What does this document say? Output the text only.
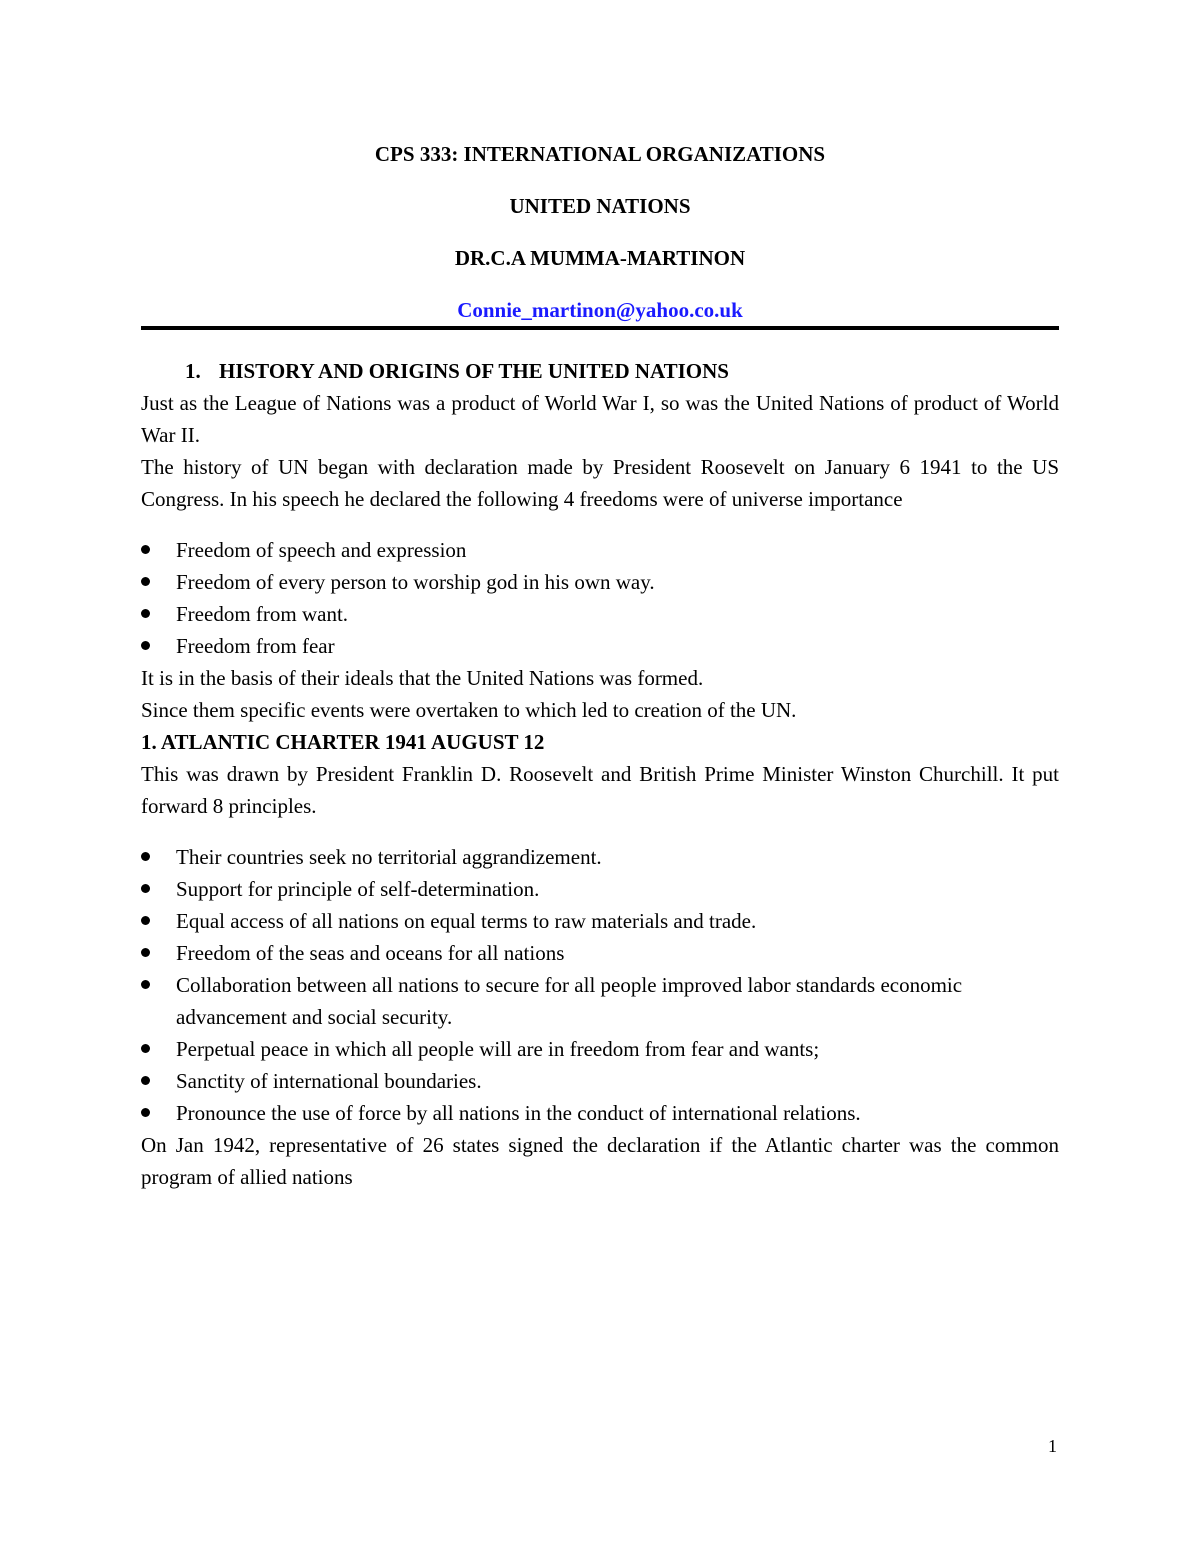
CPS 333: INTERNATIONAL ORGANIZATIONS

UNITED NATIONS

DR.C.A MUMMA-MARTINON

Connie_martinon@yahoo.co.uk

1. HISTORY AND ORIGINS OF THE UNITED NATIONS

Just as the League of Nations was a product of World War I, so was the United Nations of product of World War II.

The history of UN began with declaration made by President Roosevelt on January 6 1941 to the US Congress. In his speech he declared the following 4 freedoms were of universe importance

Freedom of speech and expression
Freedom of every person to worship god in his own way.
Freedom from want.
Freedom from fear

It is in the basis of their ideals that the United Nations was formed.

Since them specific events were overtaken to which led to creation of the UN.

1. ATLANTIC CHARTER 1941 AUGUST 12

This was drawn by President Franklin D. Roosevelt and British Prime Minister Winston Churchill. It put forward 8 principles.

Their countries seek no territorial aggrandizement.
Support for principle of self-determination.
Equal access of all nations on equal terms to raw materials and trade.
Freedom of the seas and oceans for all nations
Collaboration between all nations to secure for all people improved labor standards economic advancement and social security.
Perpetual peace in which all people will are in freedom from fear and wants;
Sanctity of international boundaries.
Pronounce the use of force by all nations in the conduct of international relations.

On Jan 1942, representative of 26 states signed the declaration if the Atlantic charter was the common program of allied nations

1
